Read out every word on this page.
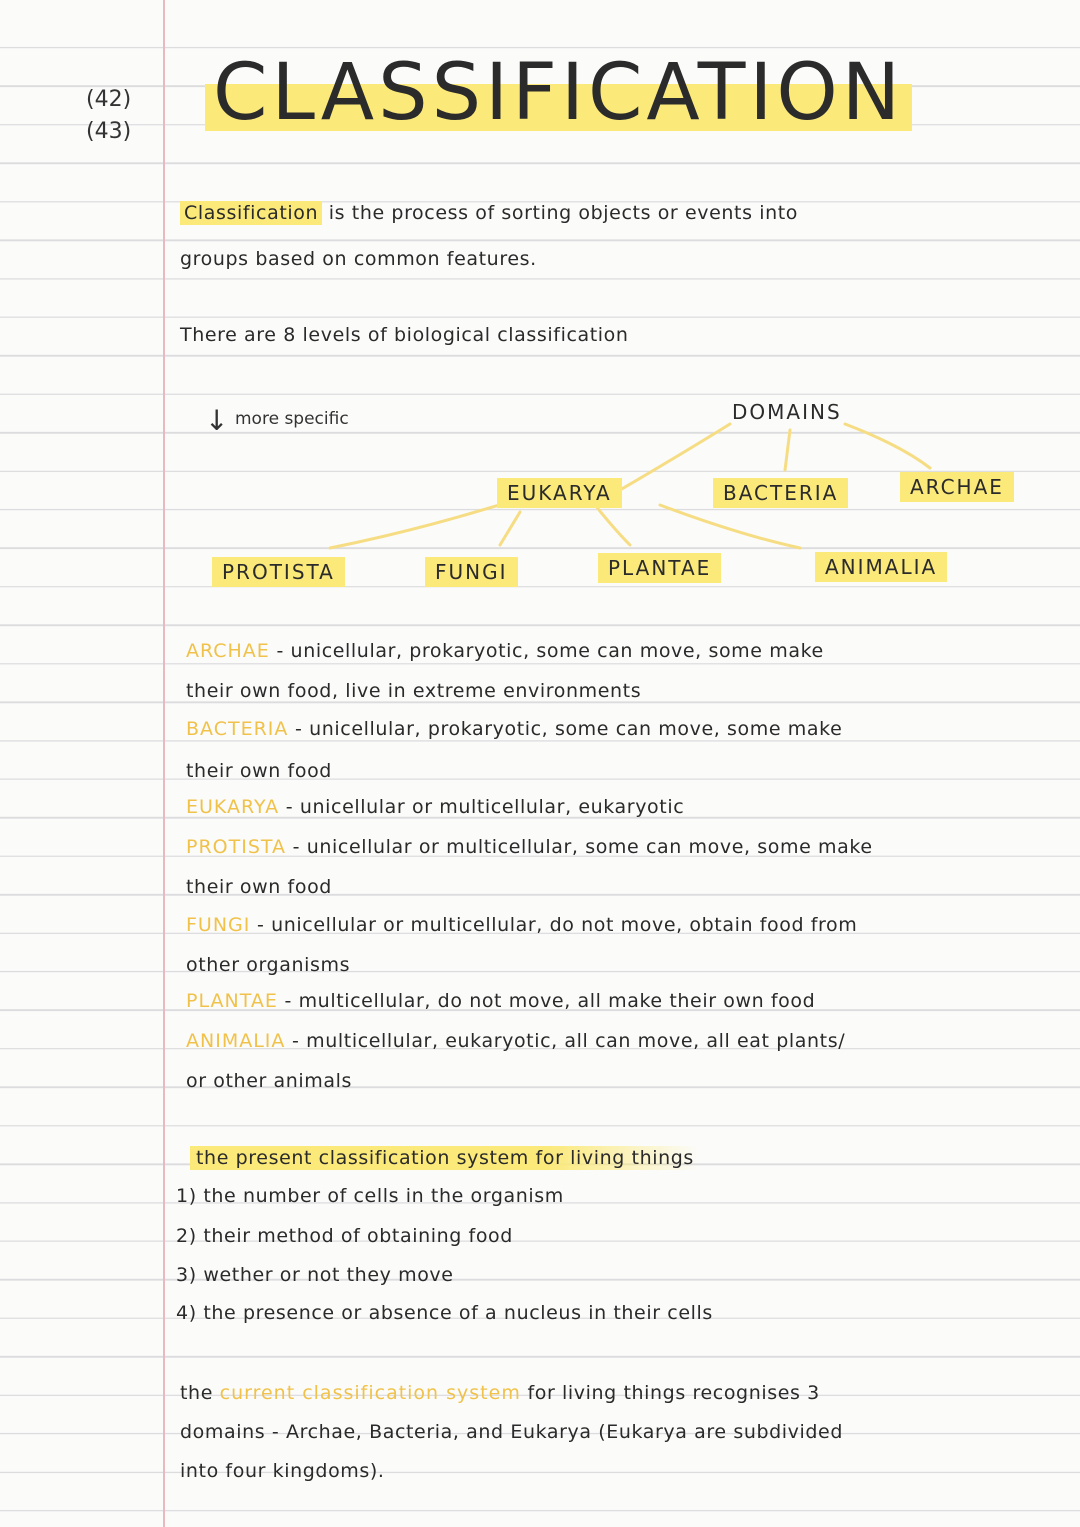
(42)
(43) CLASSIFICATION
Classification is the process of sorting objects or events into
groups based on common features.
There are 8 levels of biological classification
↓ more specific	DOMAINS
EUKARYA	BACTERIA	ARCHAE
PROTISTA	FUNGI	PLANTAE	ANIMALIA
ARCHAE - unicellular, prokaryotic, some can move, some make
their own food, live in extreme environments
BACTERIA - unicellular, prokaryotic, some can move, some make
their own food
EUKARYA - unicellular or multicellular, eukaryotic
PROTISTA - unicellular or multicellular, some can move, some make
their own food
FUNGI - unicellular or multicellular, do not move, obtain food from
other organisms
PLANTAE - multicellular, do not move, all make their own food
ANIMALIA - multicellular, eukaryotic, all can move, all eat plants/
or other animals
the present classification system for living things
1) the number of cells in the organism
2) their method of obtaining food
3) wether or not they move
4) the presence or absence of a nucleus in their cells
the current classification system for living things recognises 3
domains - Archae, Bacteria, and Eukarya (Eukarya are subdivided
into four kingdoms).
